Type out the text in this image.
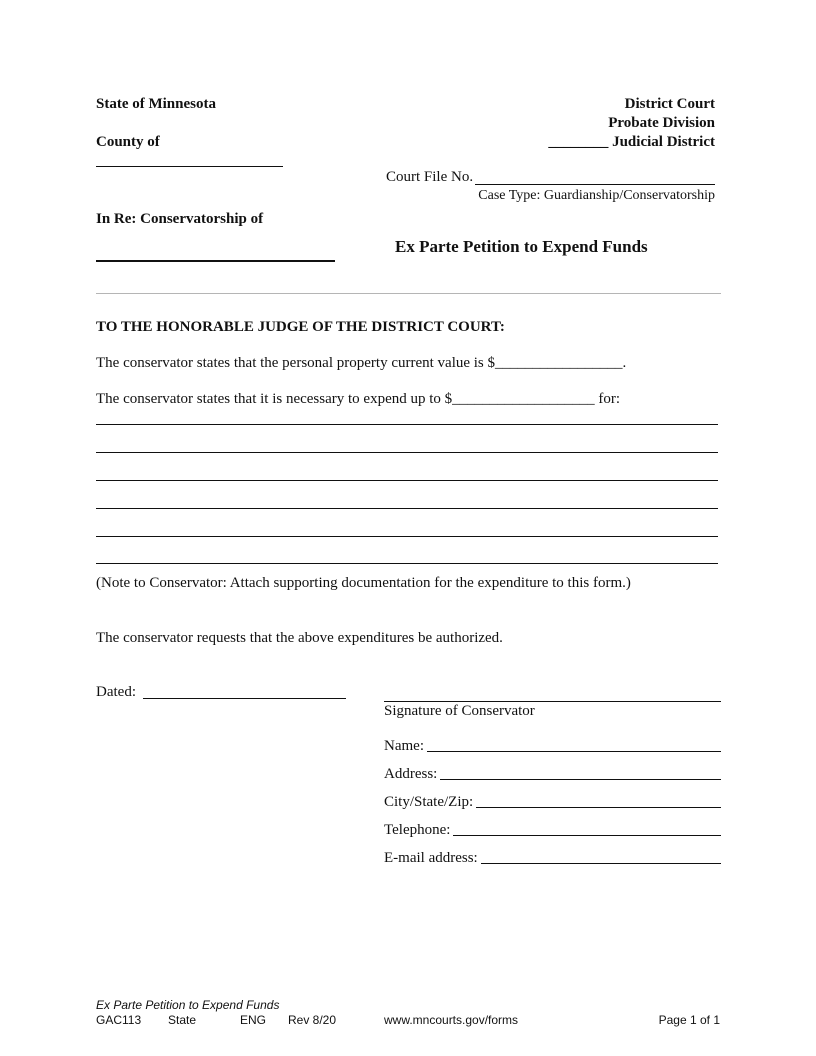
State of Minnesota
County of
District Court
Probate Division
________ Judicial District
Court File No.
Case Type: Guardianship/Conservatorship
In Re: Conservatorship of
Ex Parte Petition to Expend Funds
TO THE HONORABLE JUDGE OF THE DISTRICT COURT:
The conservator states that the personal property current value is $_________________.
The conservator states that it is necessary to expend up to $___________________ for:
(Note to Conservator: Attach supporting documentation for the expenditure to this form.)
The conservator requests that the above expenditures be authorized.
Dated:
Signature of Conservator
Name:
Address:
City/State/Zip:
Telephone:
E-mail address:
Ex Parte Petition to Expend Funds
GAC113 State	ENG Rev 8/20	www.mncourts.gov/forms	Page 1 of 1
